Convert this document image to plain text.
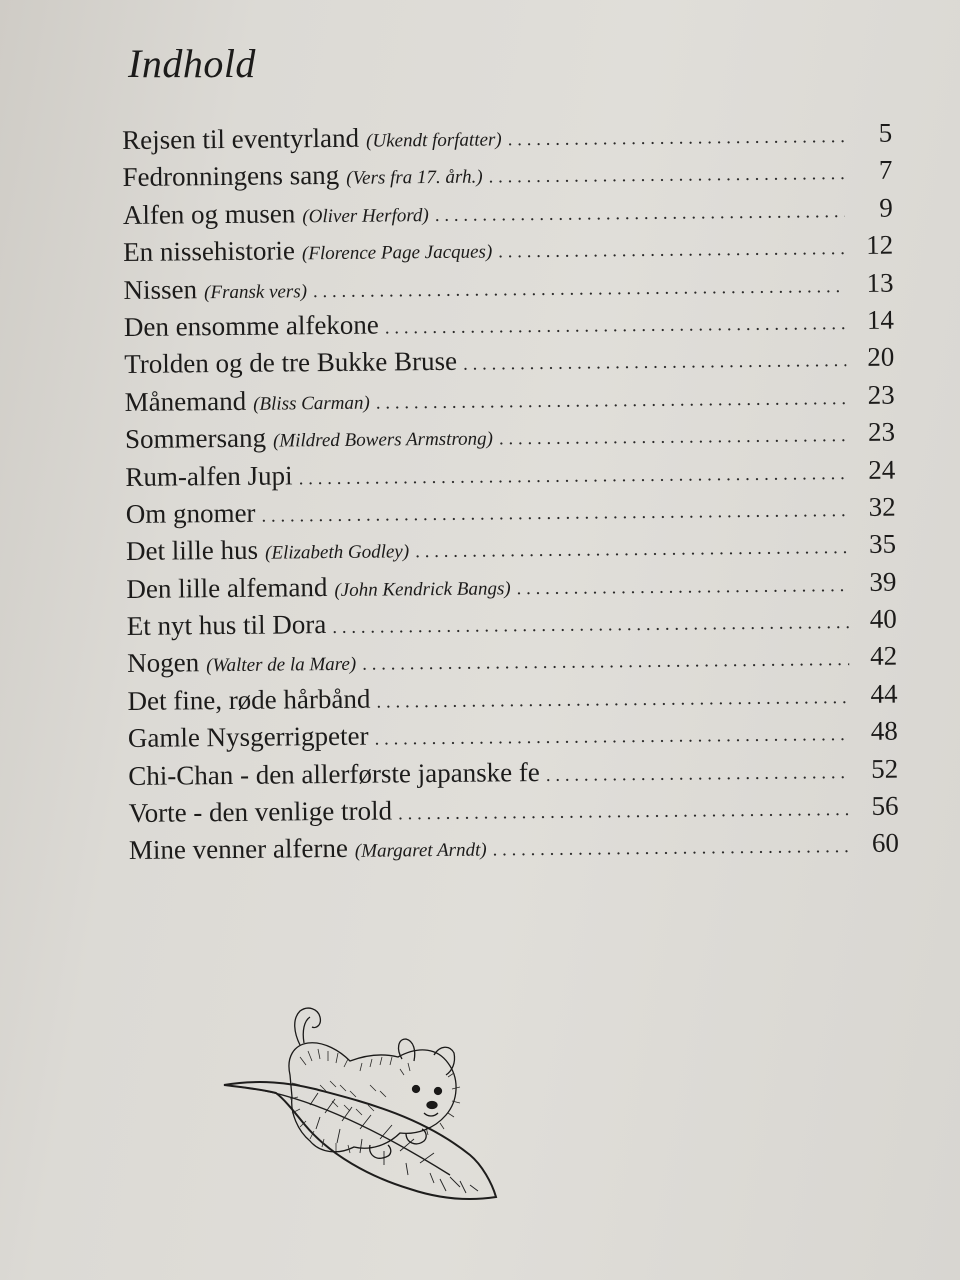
Indhold
Rejsen til eventyrland (Ukendt forfatter) . . .	5
Fedronningens sang (Vers fra 17. årh.) . . .	7
Alfen og musen (Oliver Herford) . . .	9
En nissehistorie (Florence Page Jacques) . . .	12
Nissen (Fransk vers) . . .	13
Den ensomme alfekone . . .	14
Trolden og de tre Bukke Bruse . . .	20
Månemand (Bliss Carman) . . .	23
Sommersang (Mildred Bowers Armstrong) . . .	23
Rum-alfen Jupi . . .	24
Om gnomer . . .	32
Det lille hus (Elizabeth Godley) . . .	35
Den lille alfemand (John Kendrick Bangs) . . .	39
Et nyt hus til Dora . . .	40
Nogen (Walter de la Mare) . . .	42
Det fine, røde hårbånd . . .	44
Gamle Nysgerrigpeter . . .	48
Chi-Chan - den allerførste japanske fe . . .	52
Vorte - den venlige trold . . .	56
Mine venner alferne (Margaret Arndt) . . .	60
